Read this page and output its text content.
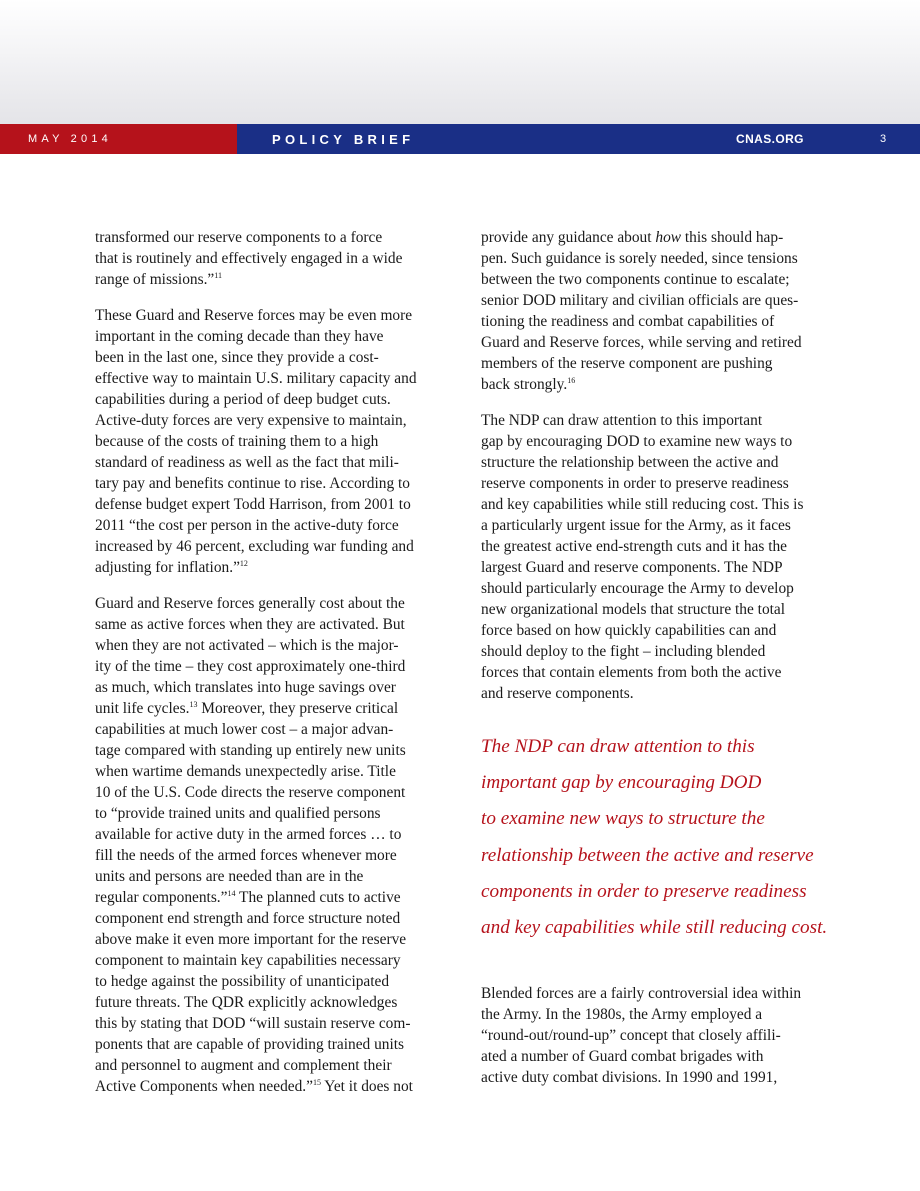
MAY 2014	POLICY BRIEF	CNAS.ORG	3

transformed our reserve components to a force
that is routinely and effectively engaged in a wide
range of missions.”$^{11}$

These Guard and Reserve forces may be even more
important in the coming decade than they have
been in the last one, since they provide a cost-
effective way to maintain U.S. military capacity and
capabilities during a period of deep budget cuts.
Active-duty forces are very expensive to maintain,
because of the costs of training them to a high
standard of readiness as well as the fact that mili-
tary pay and benefits continue to rise. According to
defense budget expert Todd Harrison, from 2001 to
2011 “the cost per person in the active-duty force
increased by 46 percent, excluding war funding and
adjusting for inflation.”$^{12}$

Guard and Reserve forces generally cost about the
same as active forces when they are activated. But
when they are not activated – which is the major-
ity of the time – they cost approximately one-third
as much, which translates into huge savings over
unit life cycles.$^{13}$ Moreover, they preserve critical
capabilities at much lower cost – a major advan-
tage compared with standing up entirely new units
when wartime demands unexpectedly arise. Title
10 of the U.S. Code directs the reserve component
to “provide trained units and qualified persons
available for active duty in the armed forces … to
fill the needs of the armed forces whenever more
units and persons are needed than are in the
regular components.”$^{14}$ The planned cuts to active
component end strength and force structure noted
above make it even more important for the reserve
component to maintain key capabilities necessary
to hedge against the possibility of unanticipated
future threats. The QDR explicitly acknowledges
this by stating that DOD “will sustain reserve com-
ponents that are capable of providing trained units
and personnel to augment and complement their
Active Components when needed.”$^{15}$ Yet it does not

provide any guidance about how this should hap-
pen. Such guidance is sorely needed, since tensions
between the two components continue to escalate;
senior DOD military and civilian officials are ques-
tioning the readiness and combat capabilities of
Guard and Reserve forces, while serving and retired
members of the reserve component are pushing
back strongly.$^{16}$

The NDP can draw attention to this important
gap by encouraging DOD to examine new ways to
structure the relationship between the active and
reserve components in order to preserve readiness
and key capabilities while still reducing cost. This is
a particularly urgent issue for the Army, as it faces
the greatest active end-strength cuts and it has the
largest Guard and reserve components. The NDP
should particularly encourage the Army to develop
new organizational models that structure the total
force based on how quickly capabilities can and
should deploy to the fight – including blended
forces that contain elements from both the active
and reserve components.

The NDP can draw attention to this
important gap by encouraging DOD
to examine new ways to structure the
relationship between the active and reserve
components in order to preserve readiness
and key capabilities while still reducing cost.

Blended forces are a fairly controversial idea within
the Army. In the 1980s, the Army employed a
“round-out/round-up” concept that closely affili-
ated a number of Guard combat brigades with
active duty combat divisions. In 1990 and 1991,
